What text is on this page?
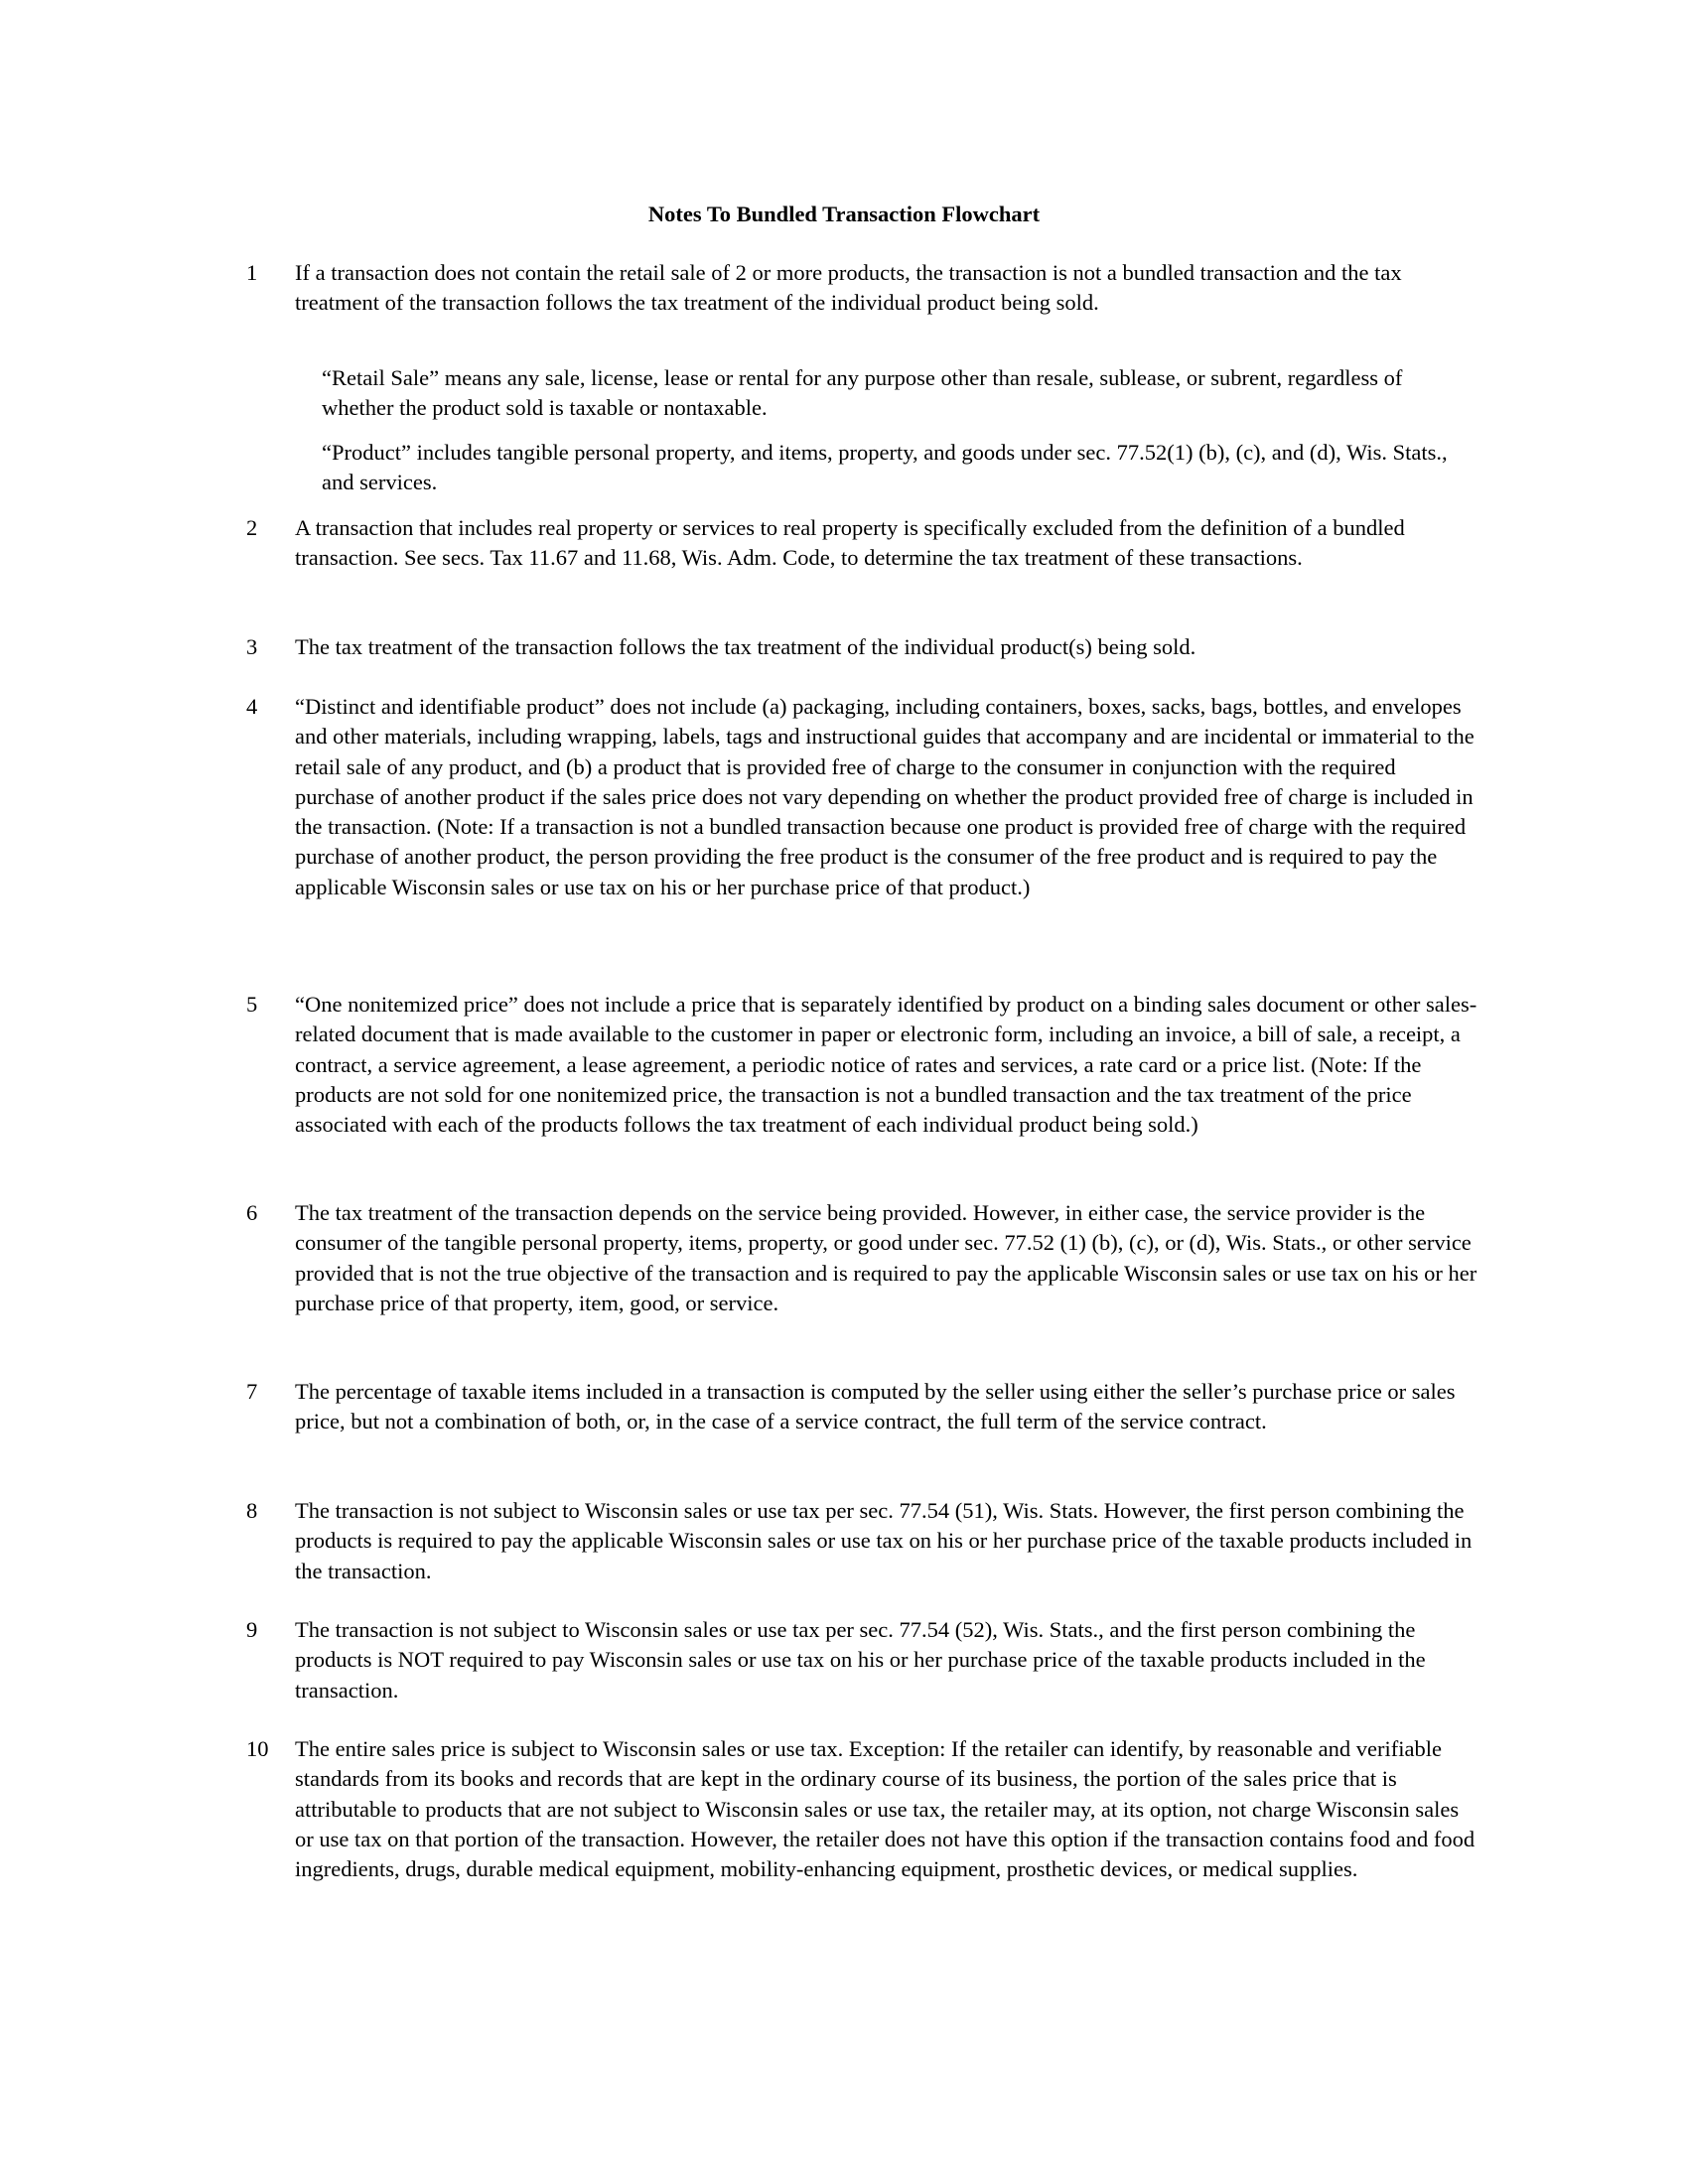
Notes To Bundled Transaction Flowchart
1	If a transaction does not contain the retail sale of 2 or more products, the transaction is not a bundled transaction and the tax treatment of the transaction follows the tax treatment of the individual product being sold.

“Retail Sale” means any sale, license, lease or rental for any purpose other than resale, sublease, or subrent, regardless of whether the product sold is taxable or nontaxable.

“Product” includes tangible personal property, and items, property, and goods under sec. 77.52(1) (b), (c), and (d), Wis. Stats., and services.

2	A transaction that includes real property or services to real property is specifically excluded from the definition of a bundled transaction. See secs. Tax 11.67 and 11.68, Wis. Adm. Code, to determine the tax treatment of these transactions.

3	The tax treatment of the transaction follows the tax treatment of the individual product(s) being sold.

4	“Distinct and identifiable product” does not include (a) packaging, including containers, boxes, sacks, bags, bottles, and envelopes and other materials, including wrapping, labels, tags and instructional guides that accompany and are incidental or immaterial to the retail sale of any product, and (b) a product that is provided free of charge to the consumer in conjunction with the required purchase of another product if the sales price does not vary depending on whether the product provided free of charge is included in the transaction. (Note: If a transaction is not a bundled transaction because one product is provided free of charge with the required purchase of another product, the person providing the free product is the consumer of the free product and is required to pay the applicable Wisconsin sales or use tax on his or her purchase price of that product.)

5	“One nonitemized price” does not include a price that is separately identified by product on a binding sales document or other sales-related document that is made available to the customer in paper or electronic form, including an invoice, a bill of sale, a receipt, a contract, a service agreement, a lease agreement, a periodic notice of rates and services, a rate card or a price list. (Note: If the products are not sold for one nonitemized price, the transaction is not a bundled transaction and the tax treatment of the price associated with each of the products follows the tax treatment of each individual product being sold.)

6	The tax treatment of the transaction depends on the service being provided. However, in either case, the service provider is the consumer of the tangible personal property, items, property, or good under sec. 77.52 (1) (b), (c), or (d), Wis. Stats., or other service provided that is not the true objective of the transaction and is required to pay the applicable Wisconsin sales or use tax on his or her purchase price of that property, item, good, or service.

7	The percentage of taxable items included in a transaction is computed by the seller using either the seller’s purchase price or sales price, but not a combination of both, or, in the case of a service contract, the full term of the service contract.

8	The transaction is not subject to Wisconsin sales or use tax per sec. 77.54 (51), Wis. Stats. However, the first person combining the products is required to pay the applicable Wisconsin sales or use tax on his or her purchase price of the taxable products included in the transaction.

9	The transaction is not subject to Wisconsin sales or use tax per sec. 77.54 (52), Wis. Stats., and the first person combining the products is NOT required to pay Wisconsin sales or use tax on his or her purchase price of the taxable products included in the transaction.

10	The entire sales price is subject to Wisconsin sales or use tax. Exception: If the retailer can identify, by reasonable and verifiable standards from its books and records that are kept in the ordinary course of its business, the portion of the sales price that is attributable to products that are not subject to Wisconsin sales or use tax, the retailer may, at its option, not charge Wisconsin sales or use tax on that portion of the transaction. However, the retailer does not have this option if the transaction contains food and food ingredients, drugs, durable medical equipment, mobility-enhancing equipment, prosthetic devices, or medical supplies.
